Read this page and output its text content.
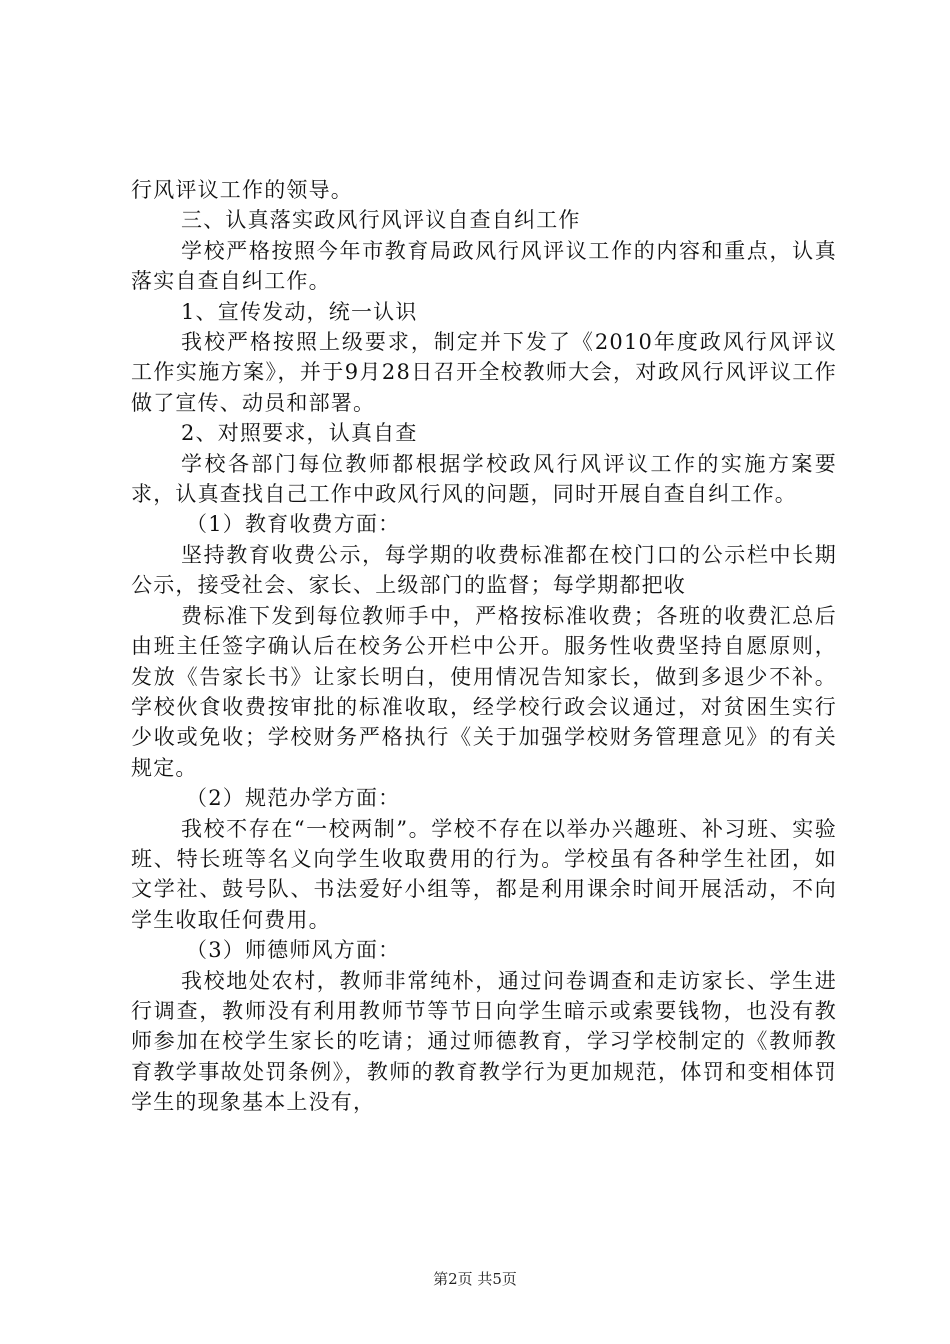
行风评议工作的领导。

三、认真落实政风行风评议自查自纠工作

学校严格按照今年市教育局政风行风评议工作的内容和重点，认真落实自查自纠工作。

1、宣传发动，统一认识

我校严格按照上级要求，制定并下发了《2010年度政风行风评议工作实施方案》，并于9月28日召开全校教师大会，对政风行风评议工作做了宣传、动员和部署。

2、对照要求，认真自查

学校各部门每位教师都根据学校政风行风评议工作的实施方案要求，认真查找自己工作中政风行风的问题，同时开展自查自纠工作。

（1）教育收费方面：

坚持教育收费公示，每学期的收费标准都在校门口的公示栏中长期公示，接受社会、家长、上级部门的监督；每学期都把收

费标准下发到每位教师手中，严格按标准收费；各班的收费汇总后由班主任签字确认后在校务公开栏中公开。服务性收费坚持自愿原则，发放《告家长书》让家长明白，使用情况告知家长，做到多退少不补。学校伙食收费按审批的标准收取，经学校行政会议通过，对贫困生实行少收或免收；学校财务严格执行《关于加强学校财务管理意见》的有关规定。

（2）规范办学方面：

我校不存在“一校两制”。学校不存在以举办兴趣班、补习班、实验班、特长班等名义向学生收取费用的行为。学校虽有各种学生社团，如文学社、鼓号队、书法爱好小组等，都是利用课余时间开展活动，不向学生收取任何费用。

（3）师德师风方面：

我校地处农村，教师非常纯朴，通过问卷调查和走访家长、学生进行调查，教师没有利用教师节等节日向学生暗示或索要钱物，也没有教师参加在校学生家长的吃请；通过师德教育，学习学校制定的《教师教育教学事故处罚条例》，教师的教育教学行为更加规范，体罚和变相体罚学生的现象基本上没有，

第2页 共5页
